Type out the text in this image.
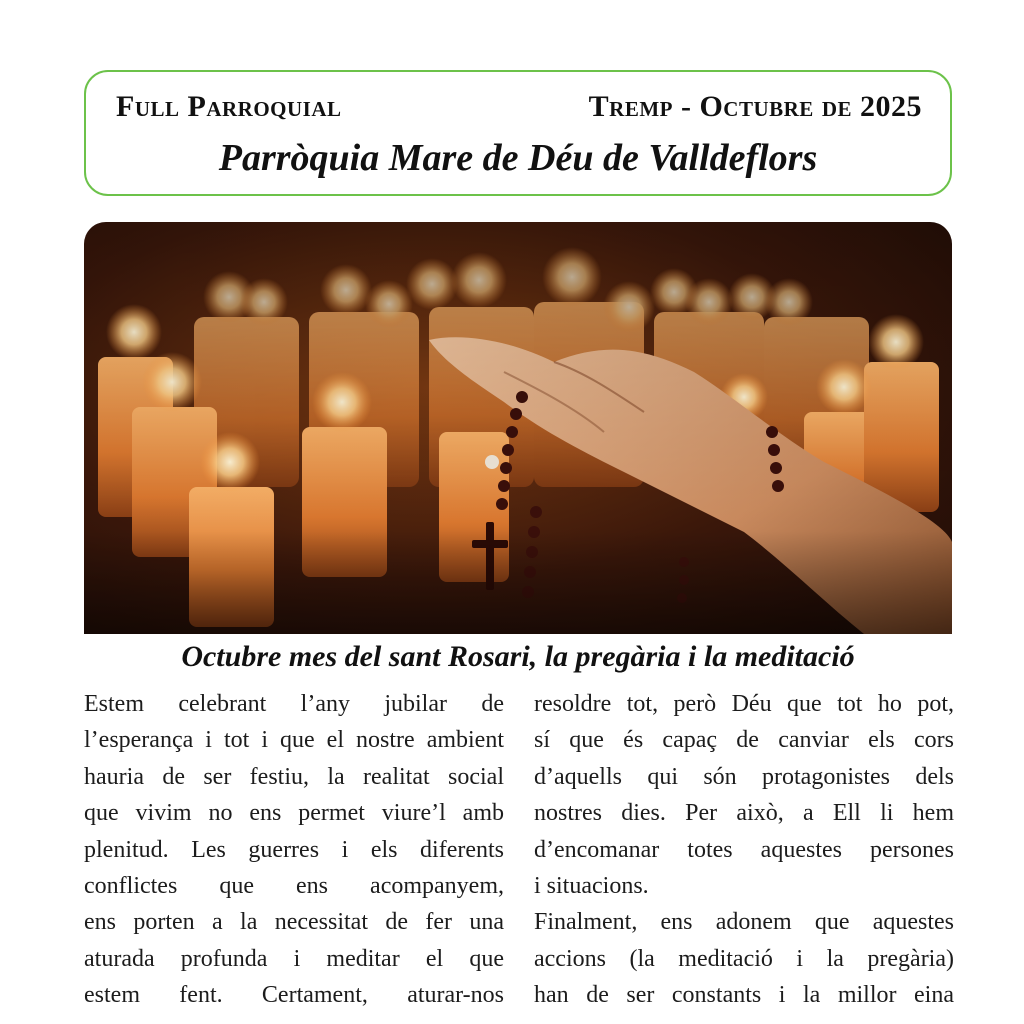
Full Parroquial	Tremp - Octubre de 2025
Parròquia Mare de Déu de Valldeflors
Octubre mes del sant Rosari, la pregària i la meditació

Estem celebrant l’any jubilar de

l’esperança i tot i que el nostre ambient

hauria de ser festiu, la realitat social

que vivim no ens permet viure’l amb

plenitud. Les guerres i els diferents

conflictes que ens acompanyem,

ens porten a la necessitat de fer una

aturada profunda i meditar el que

estem fent. Certament, aturar-nos

resoldre tot, però Déu que tot ho pot,

sí que és capaç de canviar els cors

d’aquells qui són protagonistes dels

nostres dies. Per això, a Ell li hem

d’encomanar totes aquestes persones

i situacions.

Finalment, ens adonem que aquestes

accions (la meditació i la pregària)

han de ser constants i la millor eina
